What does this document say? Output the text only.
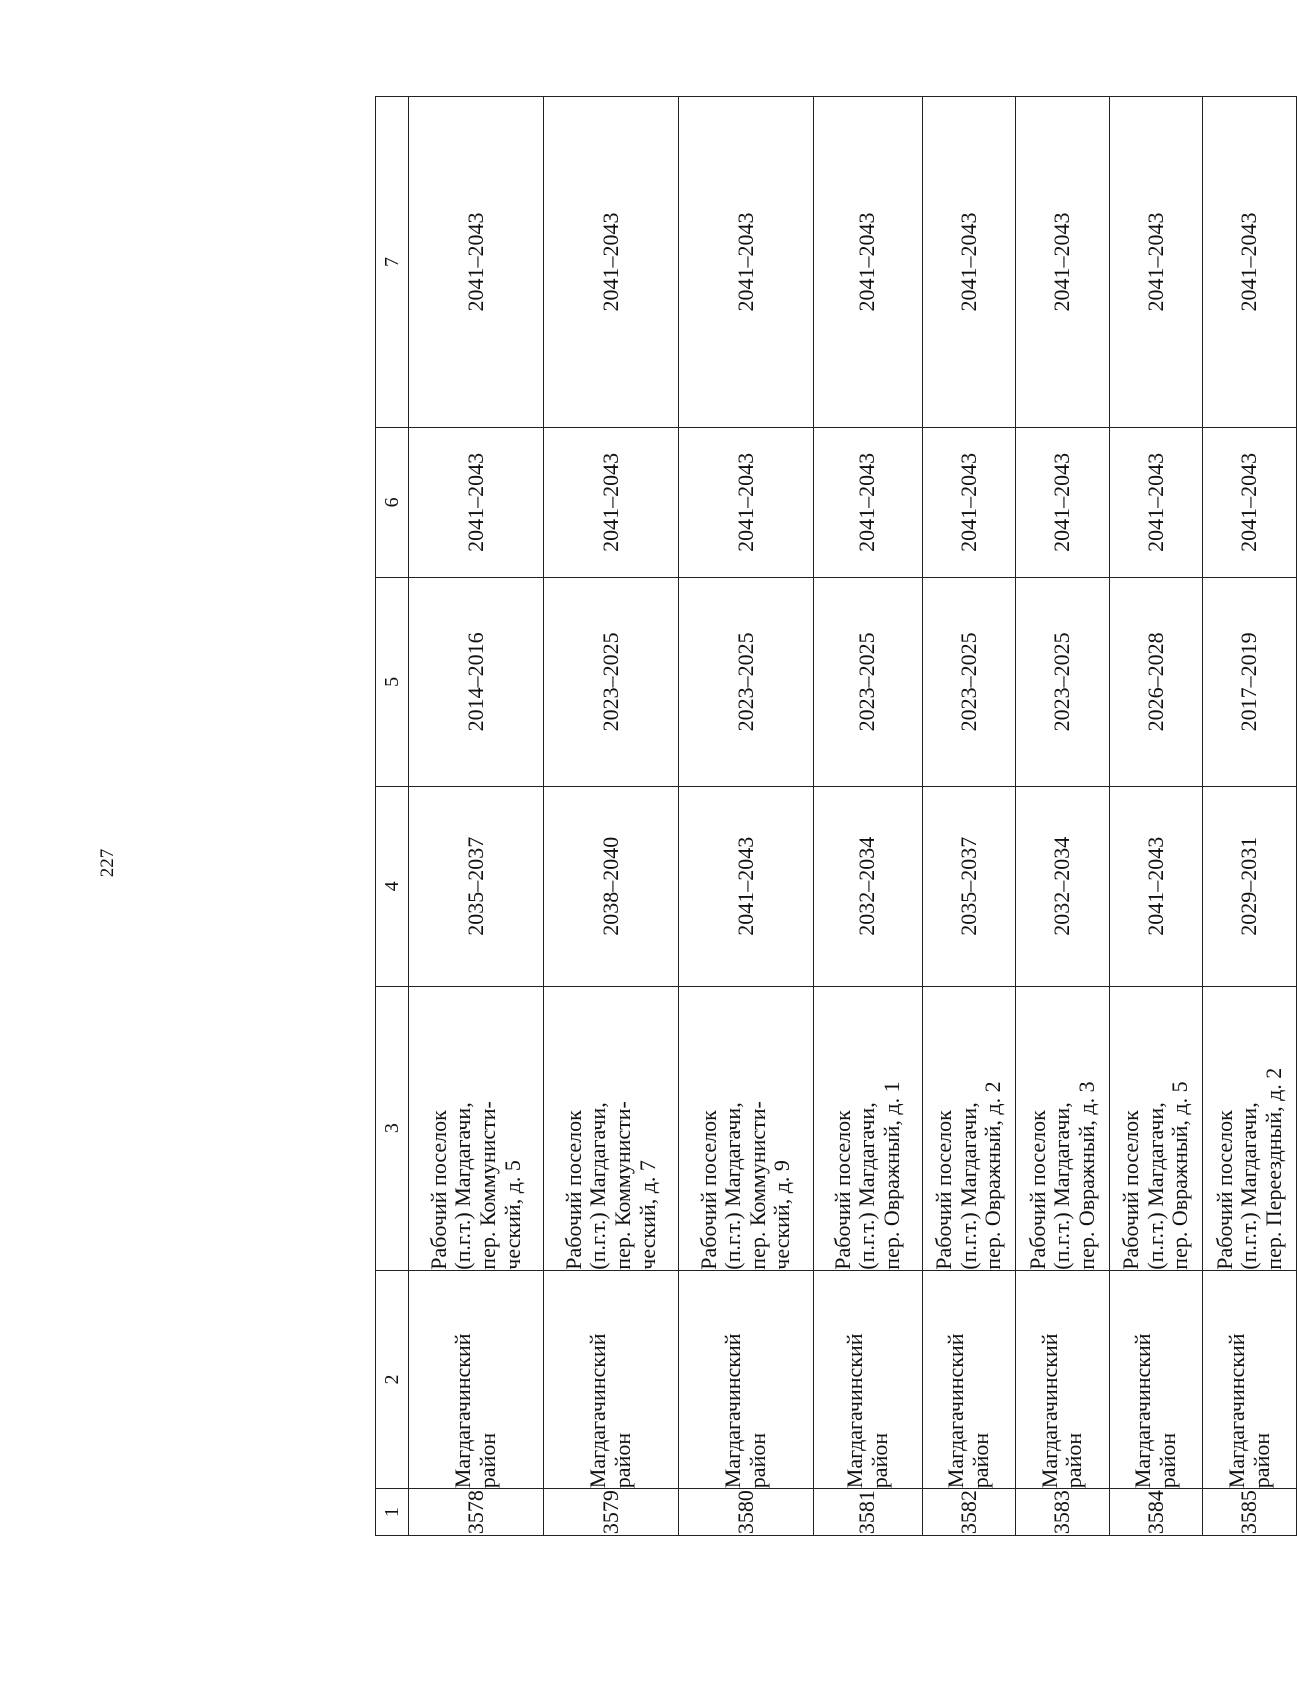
227
1	2	3	4	5	6	7
3578	Магдагачинский район	Рабочий поселок (п.г.т.) Магдагачи, пер. Коммунисти- ческий, д. 5	2035–2037	2014–2016	2041–2043	2041–2043
3579	Магдагачинский район	Рабочий поселок (п.г.т.) Магдагачи, пер. Коммунисти- ческий, д. 7	2038–2040	2023–2025	2041–2043	2041–2043
3580	Магдагачинский район	Рабочий поселок (п.г.т.) Магдагачи, пер. Коммунисти- ческий, д. 9	2041–2043	2023–2025	2041–2043	2041–2043
3581	Магдагачинский район	Рабочий поселок (п.г.т.) Магдагачи, пер. Овражный, д. 1	2032–2034	2023–2025	2041–2043	2041–2043
3582	Магдагачинский район	Рабочий поселок (п.г.т.) Магдагачи, пер. Овражный, д. 2	2035–2037	2023–2025	2041–2043	2041–2043
3583	Магдагачинский район	Рабочий поселок (п.г.т.) Магдагачи, пер. Овражный, д. 3	2032–2034	2023–2025	2041–2043	2041–2043
3584	Магдагачинский район	Рабочий поселок (п.г.т.) Магдагачи, пер. Овражный, д. 5	2041–2043	2026–2028	2041–2043	2041–2043
3585	Магдагачинский район	Рабочий поселок (п.г.т.) Магдагачи, пер. Переездный, д. 2	2029–2031	2017–2019	2041–2043	2041–2043
